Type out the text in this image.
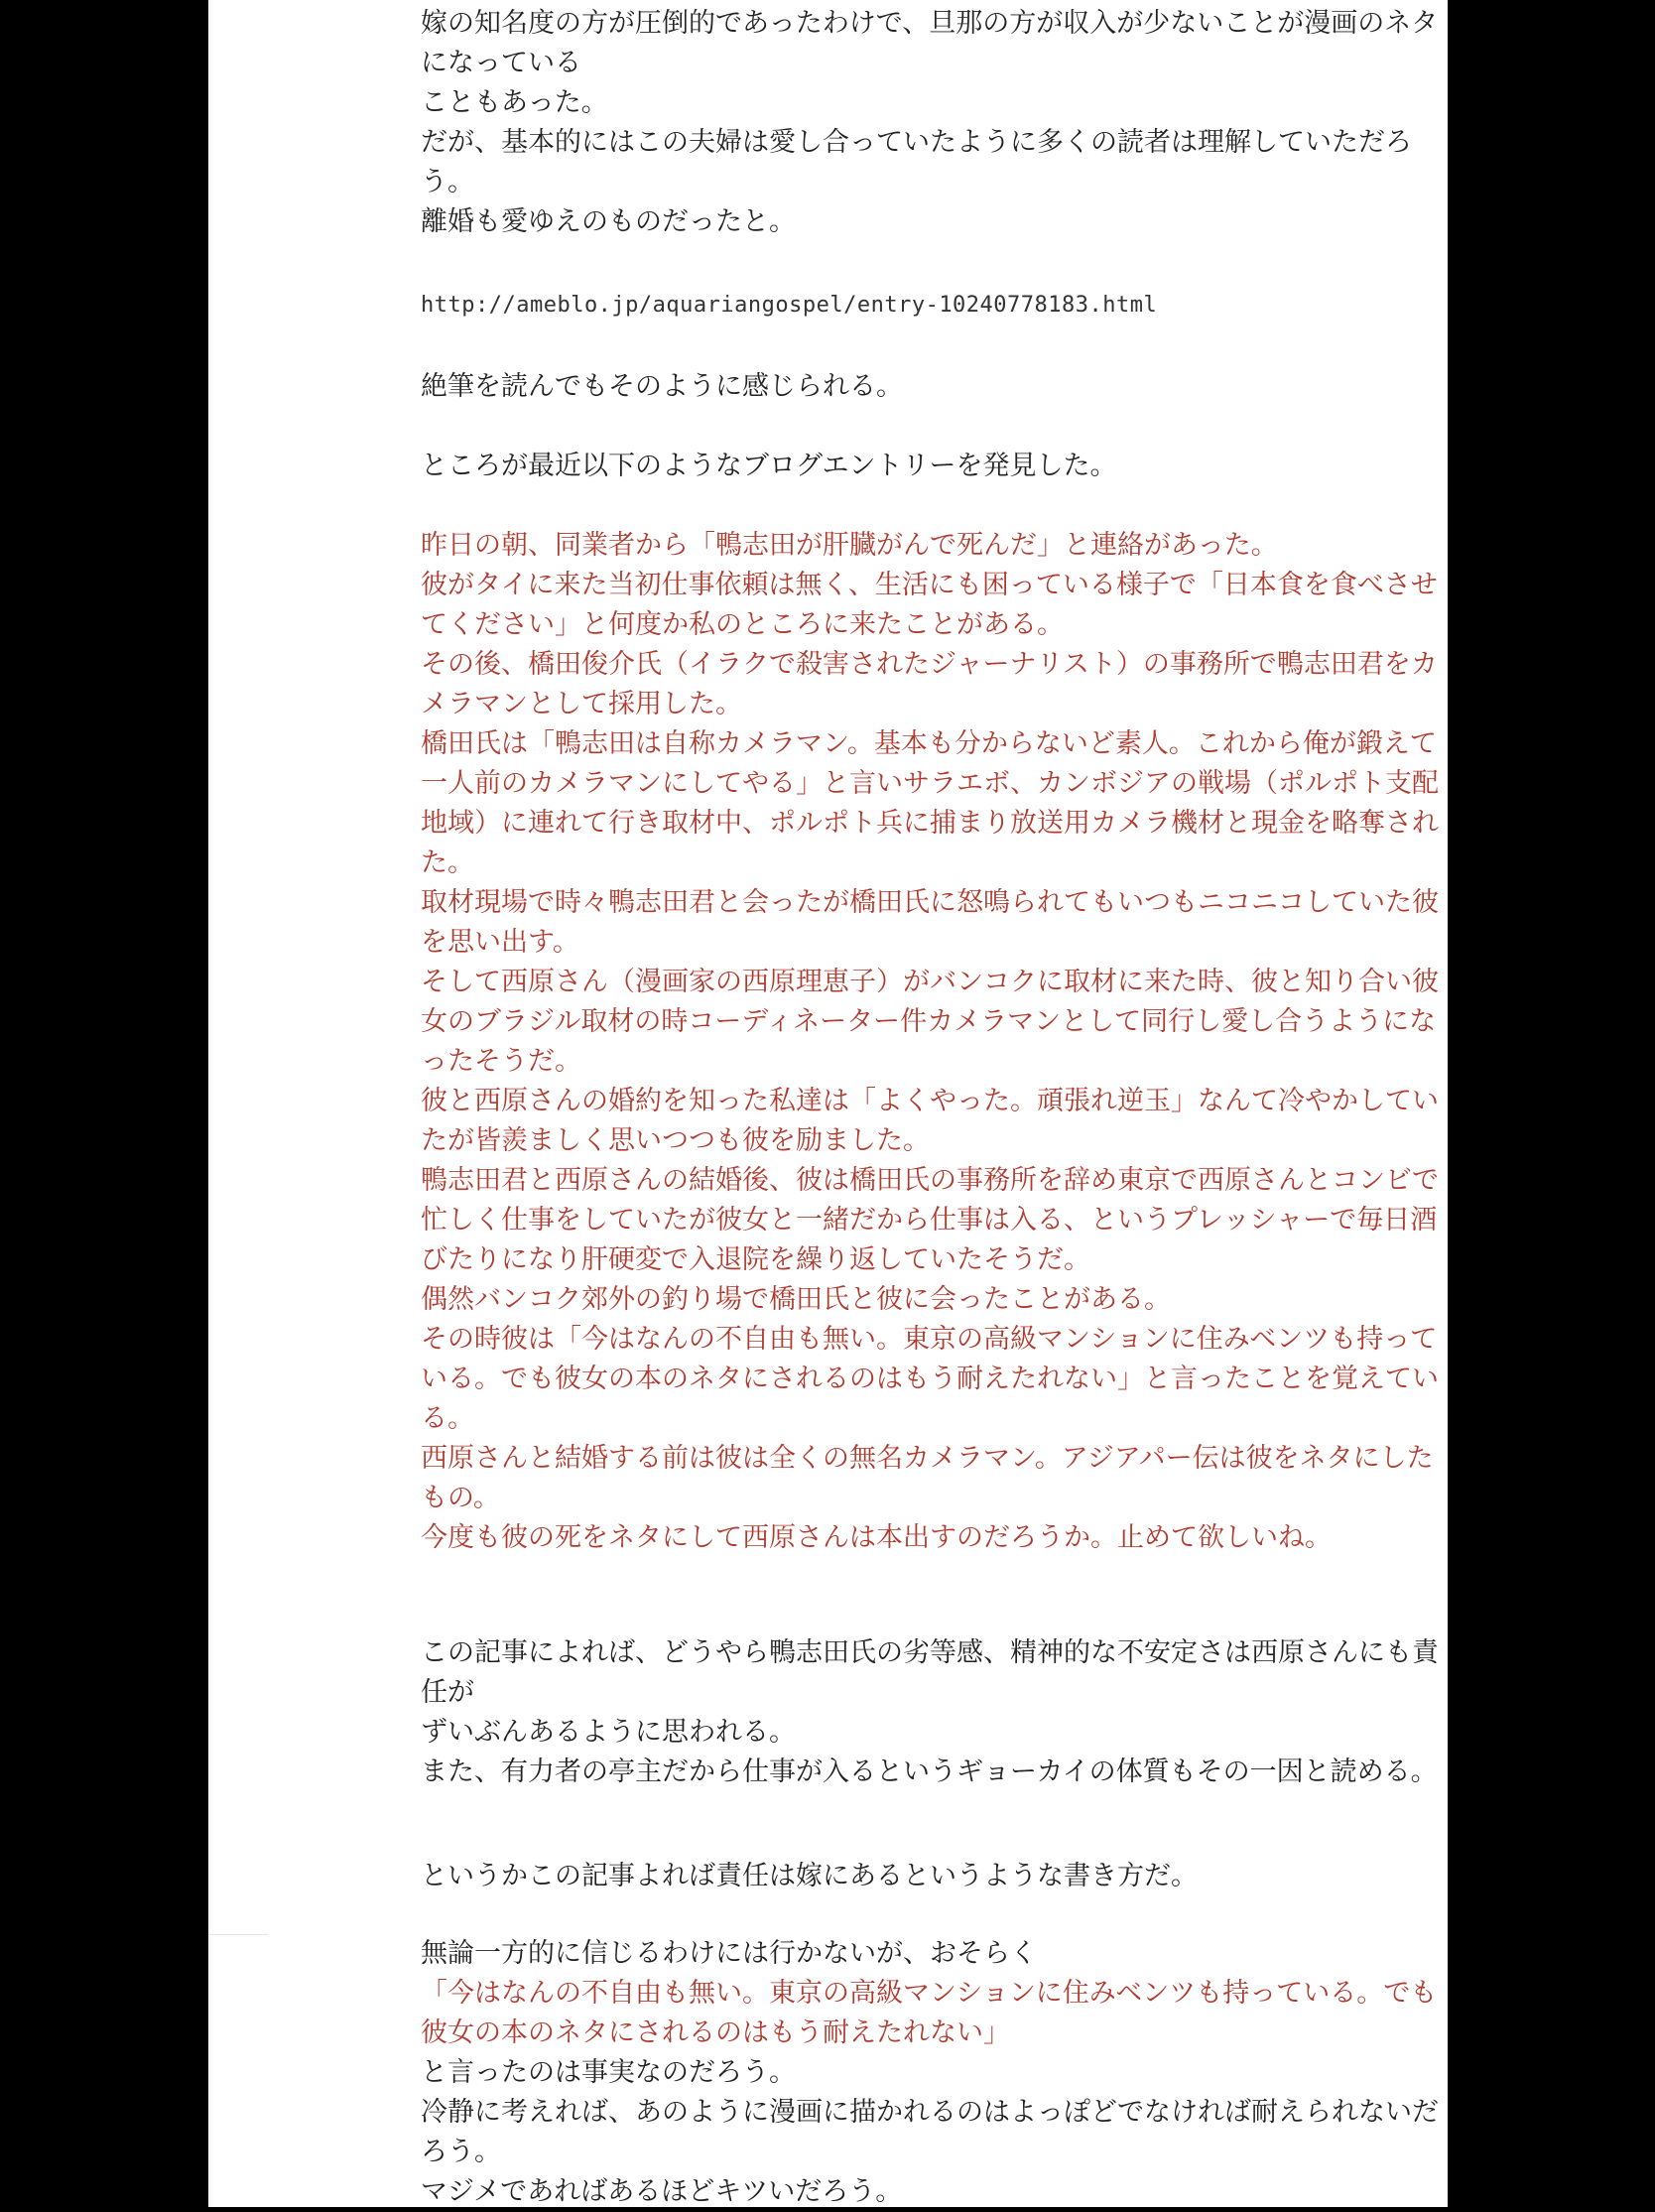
嫁の知名度の方が圧倒的であったわけで、旦那の方が収入が少ないことが漫画のネタ
になっている
こともあった。
だが、基本的にはこの夫婦は愛し合っていたように多くの読者は理解していただろ
う。
離婚も愛ゆえのものだったと。
http://ameblo.jp/aquariangospel/entry-10240778183.html
絶筆を読んでもそのように感じられる。
ところが最近以下のようなブログエントリーを発見した。
昨日の朝、同業者から「鴨志田が肝臓がんで死んだ」と連絡があった。
彼がタイに来た当初仕事依頼は無く、生活にも困っている様子で「日本食を食べさせ
てください」と何度か私のところに来たことがある。
その後、橋田俊介氏（イラクで殺害されたジャーナリスト）の事務所で鴨志田君をカ
メラマンとして採用した。
橋田氏は「鴨志田は自称カメラマン。基本も分からないど素人。これから俺が鍛えて
一人前のカメラマンにしてやる」と言いサラエボ、カンボジアの戦場（ポルポト支配
地域）に連れて行き取材中、ポルポト兵に捕まり放送用カメラ機材と現金を略奪され
た。
取材現場で時々鴨志田君と会ったが橋田氏に怒鳴られてもいつもニコニコしていた彼
を思い出す。
そして西原さん（漫画家の西原理恵子）がバンコクに取材に来た時、彼と知り合い彼
女のブラジル取材の時コーディネーター件カメラマンとして同行し愛し合うようにな
ったそうだ。
彼と西原さんの婚約を知った私達は「よくやった。頑張れ逆玉」なんて冷やかしてい
たが皆羨ましく思いつつも彼を励ました。
鴨志田君と西原さんの結婚後、彼は橋田氏の事務所を辞め東京で西原さんとコンビで
忙しく仕事をしていたが彼女と一緒だから仕事は入る、というプレッシャーで毎日酒
びたりになり肝硬変で入退院を繰り返していたそうだ。
偶然バンコク郊外の釣り場で橋田氏と彼に会ったことがある。
その時彼は「今はなんの不自由も無い。東京の高級マンションに住みベンツも持って
いる。でも彼女の本のネタにされるのはもう耐えたれない」と言ったことを覚えてい
る。
西原さんと結婚する前は彼は全くの無名カメラマン。アジアパー伝は彼をネタにした
もの。
今度も彼の死をネタにして西原さんは本出すのだろうか。止めて欲しいね。
この記事によれば、どうやら鴨志田氏の劣等感、精神的な不安定さは西原さんにも責
任が
ずいぶんあるように思われる。
また、有力者の亭主だから仕事が入るというギョーカイの体質もその一因と読める。
というかこの記事よれば責任は嫁にあるというような書き方だ。
無論一方的に信じるわけには行かないが、おそらく
「今はなんの不自由も無い。東京の高級マンションに住みベンツも持っている。でも
彼女の本のネタにされるのはもう耐えたれない」
と言ったのは事実なのだろう。
冷静に考えれば、あのように漫画に描かれるのはよっぽどでなければ耐えられないだ
ろう。
マジメであればあるほどキツいだろう。
